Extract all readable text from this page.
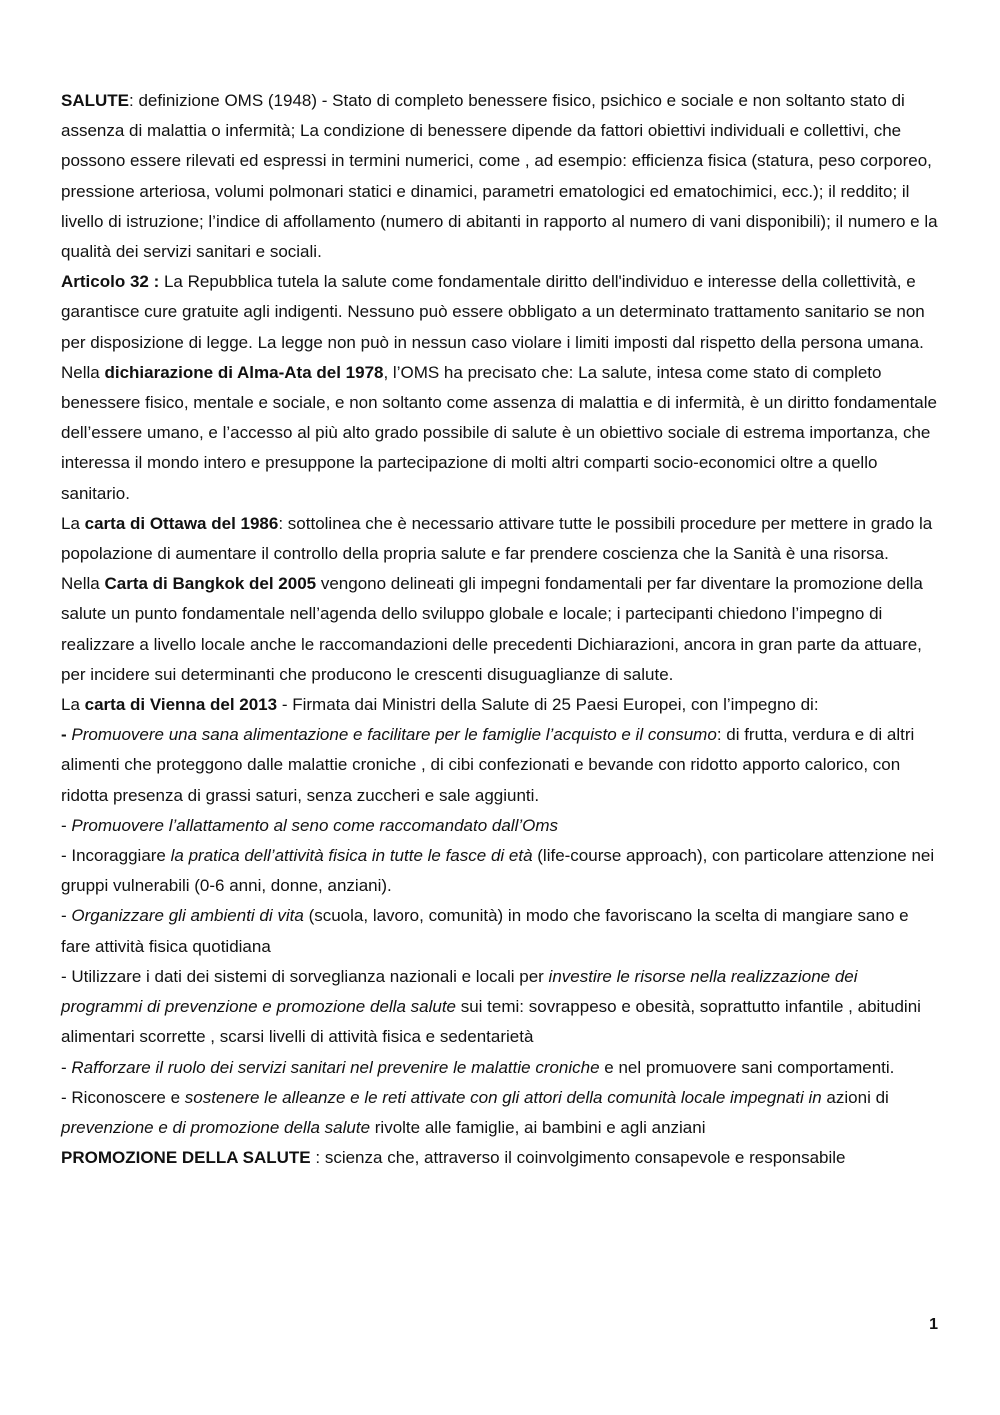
SALUTE: definizione OMS (1948) - Stato di completo benessere fisico, psichico e sociale e non soltanto stato di assenza di malattia o infermità; La condizione di benessere dipende da fattori obiettivi individuali e collettivi, che possono essere rilevati ed espressi in termini numerici, come , ad esempio: efficienza fisica (statura, peso corporeo, pressione arteriosa, volumi polmonari statici e dinamici, parametri ematologici ed ematochimici, ecc.); il reddito; il livello di istruzione; l’indice di affollamento (numero di abitanti in rapporto al numero di vani disponibili); il numero e la qualità dei servizi sanitari e sociali.

Articolo 32 : La Repubblica tutela la salute come fondamentale diritto dell'individuo e interesse della collettività, e garantisce cure gratuite agli indigenti. Nessuno può essere obbligato a un determinato trattamento sanitario se non per disposizione di legge. La legge non può in nessun caso violare i limiti imposti dal rispetto della persona umana.

Nella dichiarazione di Alma-Ata del 1978, l’OMS ha precisato che: La salute, intesa come stato di completo benessere fisico, mentale e sociale, e non soltanto come assenza di malattia e di infermità, è un diritto fondamentale dell’essere umano, e l’accesso al più alto grado possibile di salute è un obiettivo sociale di estrema importanza, che interessa il mondo intero e presuppone la partecipazione di molti altri comparti socio-economici oltre a quello sanitario.

La carta di Ottawa del 1986: sottolinea che è necessario attivare tutte le possibili procedure per mettere in grado la popolazione di aumentare il controllo della propria salute e far prendere coscienza che la Sanità è una risorsa.

Nella Carta di Bangkok del 2005 vengono delineati gli impegni fondamentali per far diventare la promozione della salute un punto fondamentale nell’agenda dello sviluppo globale e locale; i partecipanti chiedono l’impegno di realizzare a livello locale anche le raccomandazioni delle precedenti Dichiarazioni, ancora in gran parte da attuare, per incidere sui determinanti che producono le crescenti disuguaglianze di salute.

La carta di Vienna del 2013 - Firmata dai Ministri della Salute di 25 Paesi Europei, con l’impegno di:

- Promuovere una sana alimentazione e facilitare per le famiglie l’acquisto e il consumo: di frutta, verdura e di altri alimenti che proteggono dalle malattie croniche , di cibi confezionati e bevande con ridotto apporto calorico, con ridotta presenza di grassi saturi, senza zuccheri e sale aggiunti.

- Promuovere l’allattamento al seno come raccomandato dall’Oms

- Incoraggiare la pratica dell’attività fisica in tutte le fasce di età (life-course approach), con particolare attenzione nei gruppi vulnerabili (0-6 anni, donne, anziani).

- Organizzare gli ambienti di vita (scuola, lavoro, comunità) in modo che favoriscano la scelta di mangiare sano e fare attività fisica quotidiana

- Utilizzare i dati dei sistemi di sorveglianza nazionali e locali per investire le risorse nella realizzazione dei programmi di prevenzione e promozione della salute sui temi: sovrappeso e obesità, soprattutto infantile , abitudini alimentari scorrette , scarsi livelli di attività fisica e sedentarietà

- Rafforzare il ruolo dei servizi sanitari nel prevenire le malattie croniche e nel promuovere sani comportamenti.

- Riconoscere e sostenere le alleanze e le reti attivate con gli attori della comunità locale impegnati in azioni di prevenzione e di promozione della salute rivolte alle famiglie, ai bambini e agli anziani

PROMOZIONE DELLA SALUTE : scienza che, attraverso il coinvolgimento consapevole e responsabile

1
